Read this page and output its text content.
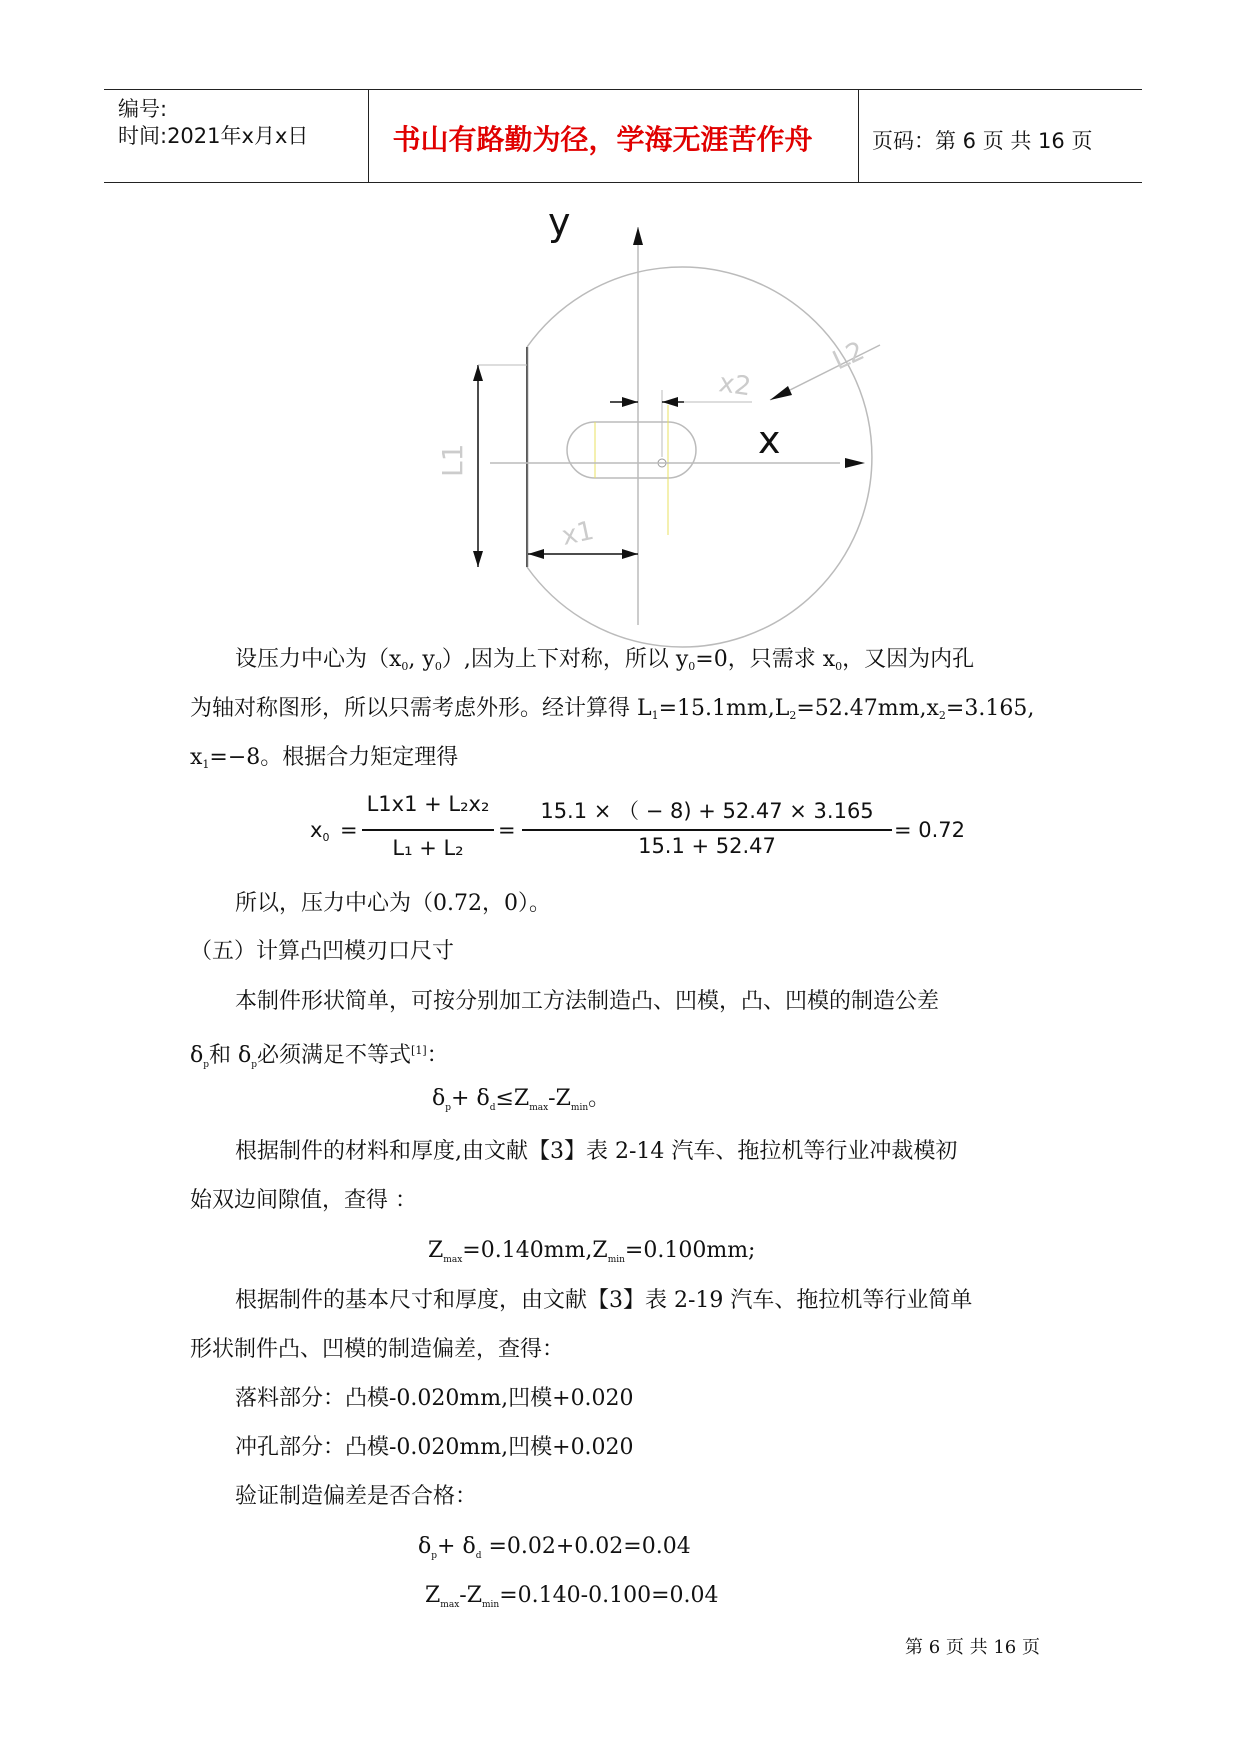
编号:
时间:2021年x月x日	书山有路勤为径，学海无涯苦作舟	页码：第 6 页 共 16 页
y
x
L1
x1
x2
L2
设压力中心为（$x_0$, $y_0$）,因为上下对称，所以 $y_0=0$，只需求 $x_0$，又因为内孔
为轴对称图形，所以只需考虑外形。经计算得 $L_1=15.1mm,L_2=52.47mm,x_2=3.165$,
$x_1=-8$。根据合力矩定理得
$x_0$ =
L1x1 + L₂x₂
L₁ + L₂
=
15.1 × （ − 8) + 52.47 × 3.165
15.1 + 52.47
= 0.72
所以，压力中心为（0.72，0）。
（五）计算凸凹模刃口尺寸
本制件形状简单，可按分别加工方法制造凸、凹模，凸、凹模的制造公差
$\delta_p$和 $\delta_p$必须满足不等式[1]：
$\delta_p+ \delta_d\le Z_{max}-Z_{min}$。
根据制件的材料和厚度,由文献【3】表 2-14 汽车、拖拉机等行业冲裁模初
始双边间隙值，查得 ：
$Z_{max}=0.140mm,Z_{min}=0.100mm$;
根据制件的基本尺寸和厚度，由文献【3】表 2-19 汽车、拖拉机等行业简单
形状制件凸、凹模的制造偏差，查得：
落料部分：凸模-0.020mm,凹模+0.020
冲孔部分：凸模-0.020mm,凹模+0.020
验证制造偏差是否合格：
$\delta_p+ \delta_d =0.02+0.02=0.04$
$Z_{max}-Z_{min}=0.140-0.100=0.04$
第 6 页 共 16 页
